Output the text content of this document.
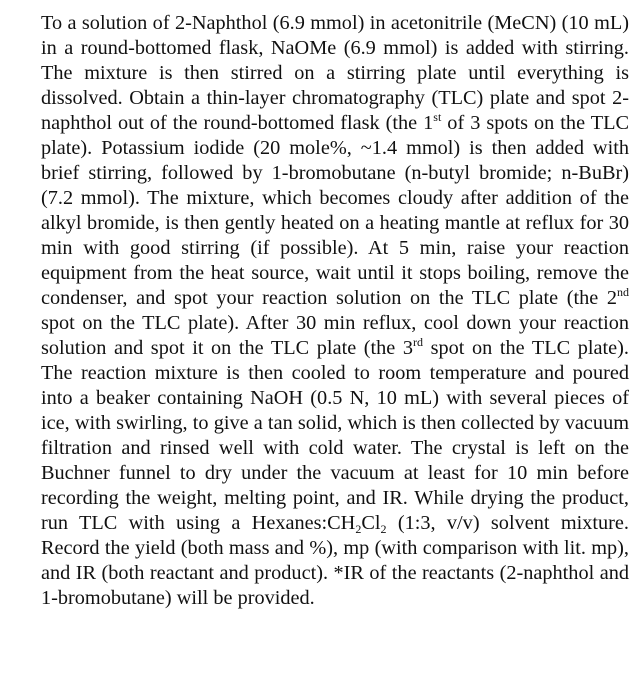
To a solution of 2-Naphthol (6.9 mmol) in acetonitrile (MeCN) (10 mL) in a round-bottomed flask, NaOMe (6.9 mmol) is added with stirring. The mixture is then stirred on a stirring plate until everything is dissolved. Obtain a thin-layer chromatography (TLC) plate and spot 2-naphthol out of the round-bottomed flask (the 1st of 3 spots on the TLC plate). Potassium iodide (20 mole%, ~1.4 mmol) is then added with brief stirring, followed by 1-bromobutane (n-butyl bromide; n-BuBr) (7.2 mmol). The mixture, which becomes cloudy after addition of the alkyl bromide, is then gently heated on a heating mantle at reflux for 30 min with good stirring (if possible). At 5 min, raise your reaction equipment from the heat source, wait until it stops boiling, remove the condenser, and spot your reaction solution on the TLC plate (the 2nd spot on the TLC plate). After 30 min reflux, cool down your reaction solution and spot it on the TLC plate (the 3rd spot on the TLC plate). The reaction mixture is then cooled to room temperature and poured into a beaker containing NaOH (0.5 N, 10 mL) with several pieces of ice, with swirling, to give a tan solid, which is then collected by vacuum filtration and rinsed well with cold water. The crystal is left on the Buchner funnel to dry under the vacuum at least for 10 min before recording the weight, melting point, and IR. While drying the product, run TLC with using a $Hexanes:CH_2Cl_2$ (1:3, v/v) solvent mixture. Record the yield (both mass and %), mp (with comparison with lit. mp), and IR (both reactant and product). *IR of the reactants (2-naphthol and 1-bromobutane) will be provided.
